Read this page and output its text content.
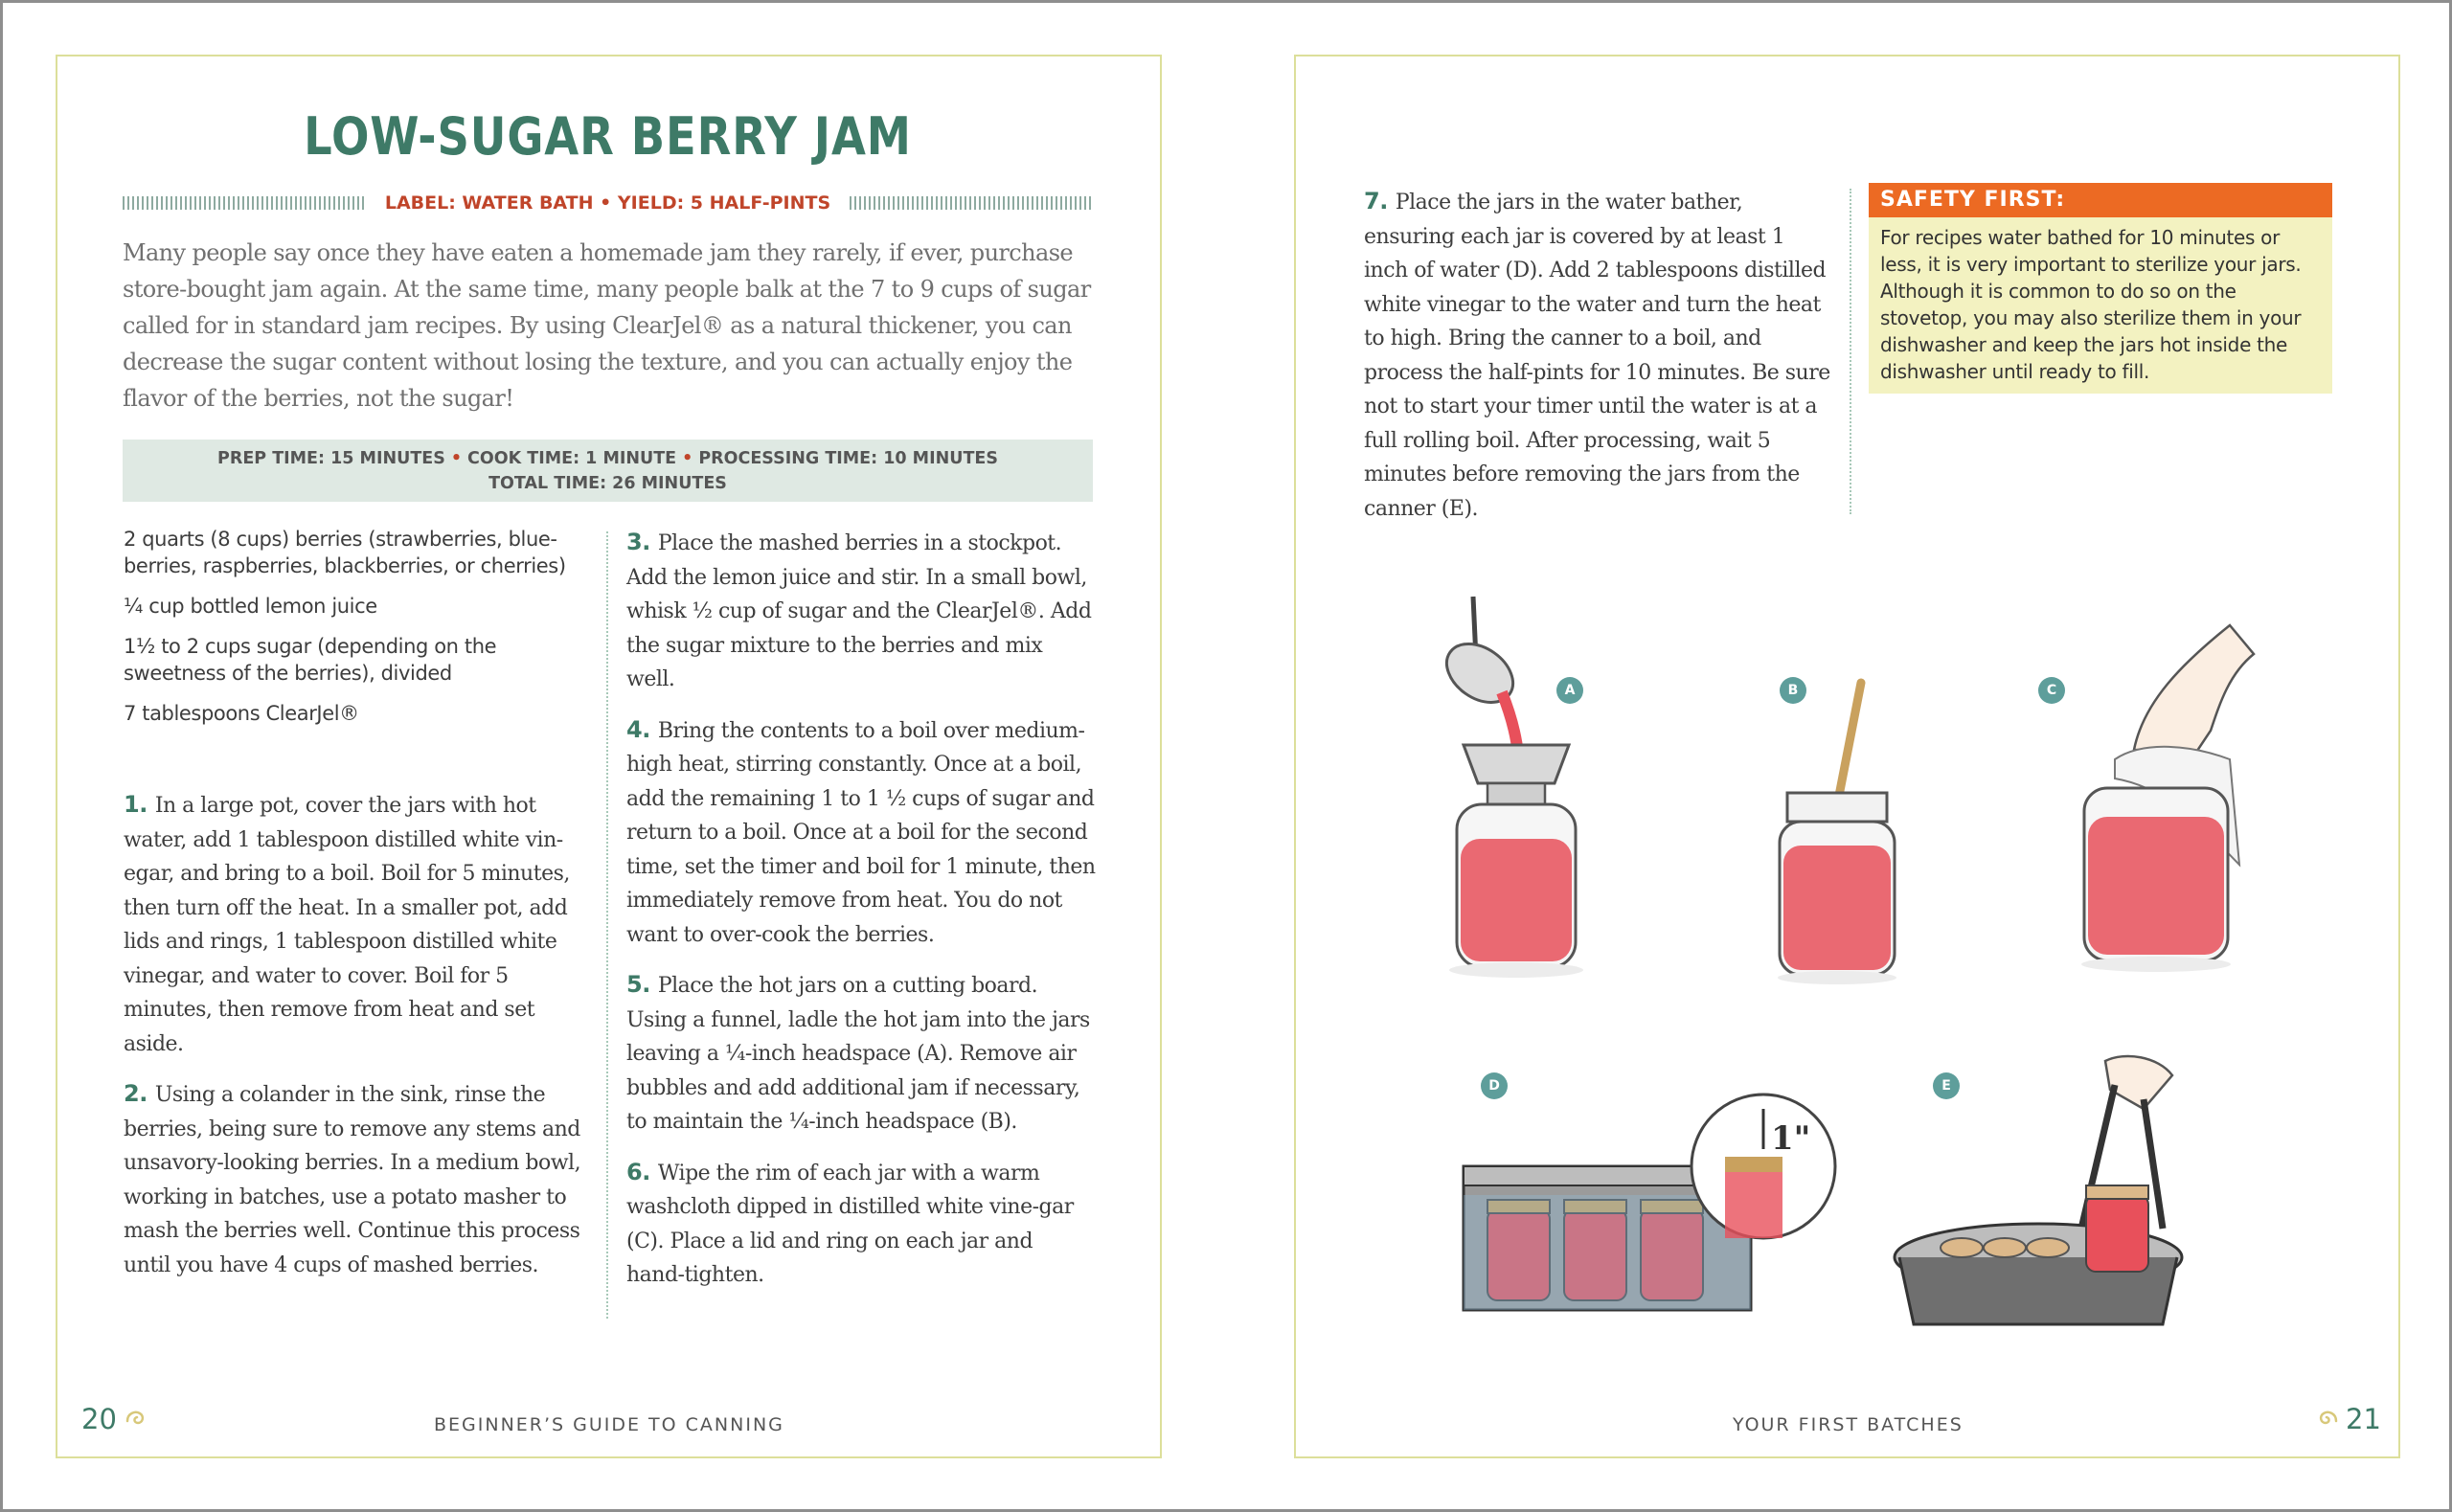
LOW-SUGAR BERRY JAM
LABEL: WATER BATH • YIELD: 5 HALF-PINTS

Many people say once they have eaten a homemade jam they rarely, if ever, purchase store-bought jam again. At the same time, many people balk at the 7 to 9 cups of sugar called for in standard jam recipes. By using ClearJel® as a natural thickener, you can decrease the sugar content without losing the texture, and you can actually enjoy the flavor of the berries, not the sugar!

PREP TIME: 15 MINUTES • COOK TIME: 1 MINUTE • PROCESSING TIME: 10 MINUTES
TOTAL TIME: 26 MINUTES

2 quarts (8 cups) berries (strawberries, blue-berries, raspberries, blackberries, or cherries)

¼ cup bottled lemon juice

1½ to 2 cups sugar (depending on the sweetness of the berries), divided

7 tablespoons ClearJel®

1. In a large pot, cover the jars with hot water, add 1 tablespoon distilled white vin-egar, and bring to a boil. Boil for 5 minutes, then turn off the heat. In a smaller pot, add lids and rings, 1 tablespoon distilled white vinegar, and water to cover. Boil for 5 minutes, then remove from heat and set aside.

2. Using a colander in the sink, rinse the berries, being sure to remove any stems and unsavory-looking berries. In a medium bowl, working in batches, use a potato masher to mash the berries well. Continue this process until you have 4 cups of mashed berries.

3. Place the mashed berries in a stockpot. Add the lemon juice and stir. In a small bowl, whisk ½ cup of sugar and the ClearJel®. Add the sugar mixture to the berries and mix well.

4. Bring the contents to a boil over medium-high heat, stirring constantly. Once at a boil, add the remaining 1 to 1 ½ cups of sugar and return to a boil. Once at a boil for the second time, set the timer and boil for 1 minute, then immediately remove from heat. You do not want to over-cook the berries.

5. Place the hot jars on a cutting board. Using a funnel, ladle the hot jam into the jars leaving a ¼-inch headspace (A). Remove air bubbles and add additional jam if necessary, to maintain the ¼-inch headspace (B).

6. Wipe the rim of each jar with a warm washcloth dipped in distilled white vine-gar (C). Place a lid and ring on each jar and hand-tighten.

20	BEGINNER’S GUIDE TO CANNING

7. Place the jars in the water bather, ensuring each jar is covered by at least 1 inch of water (D). Add 2 tablespoons distilled white vinegar to the water and turn the heat to high. Bring the canner to a boil, and process the half-pints for 10 minutes. Be sure not to start your timer until the water is at a full rolling boil. After processing, wait 5 minutes before removing the jars from the canner (E).

SAFETY FIRST:

For recipes water bathed for 10 minutes or less, it is very important to sterilize your jars. Although it is common to do so on the stovetop, you may also sterilize them in your dishwasher and keep the jars hot inside the dishwasher until ready to fill.

A	B	C
D
1"
E
YOUR FIRST BATCHES	21
